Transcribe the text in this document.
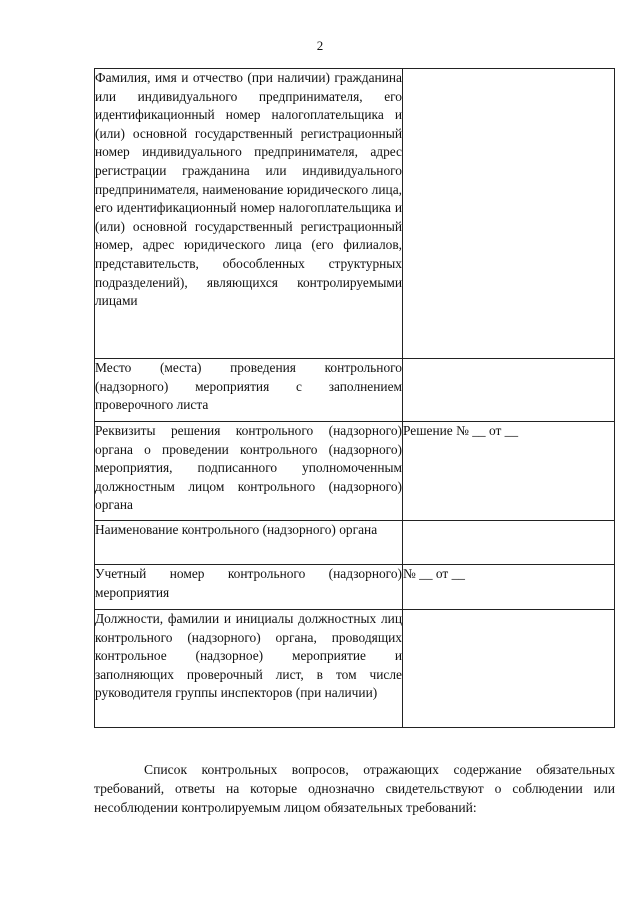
2
Фамилия, имя и отчество (при наличии) гражданина или индивидуального предпринимателя, его идентификационный номер налогоплательщика и (или) основной государственный регистрационный номер индивидуального предпринимателя, адрес регистрации гражданина или индивидуального предпринимателя, наименование юридического лица, его идентификационный номер налогоплательщика и (или) основной государственный регистрационный номер, адрес юридического лица (его филиалов, представительств, обособленных структурных подразделений), являющихся контролируемыми лицами	

Место (места) проведения контрольного (надзорного) мероприятия с заполнением проверочного листа	

Реквизиты решения контрольного (надзорного) органа о проведении контрольного (надзорного) мероприятия, подписанного уполномоченным должностным лицом контрольного (надзорного) органа	Решение № __ от __

Наименование контрольного (надзорного) органа	

Учетный номер контрольного (надзорного) мероприятия	№ __ от __

Должности, фамилии и инициалы должностных лиц контрольного (надзорного) органа, проводящих контрольное (надзорное) мероприятие и заполняющих проверочный лист, в том числе руководителя группы инспекторов (при наличии)	

Список контрольных вопросов, отражающих содержание обязательных требований, ответы на которые однозначно свидетельствуют о соблюдении или несоблюдении контролируемым лицом обязательных требований:
